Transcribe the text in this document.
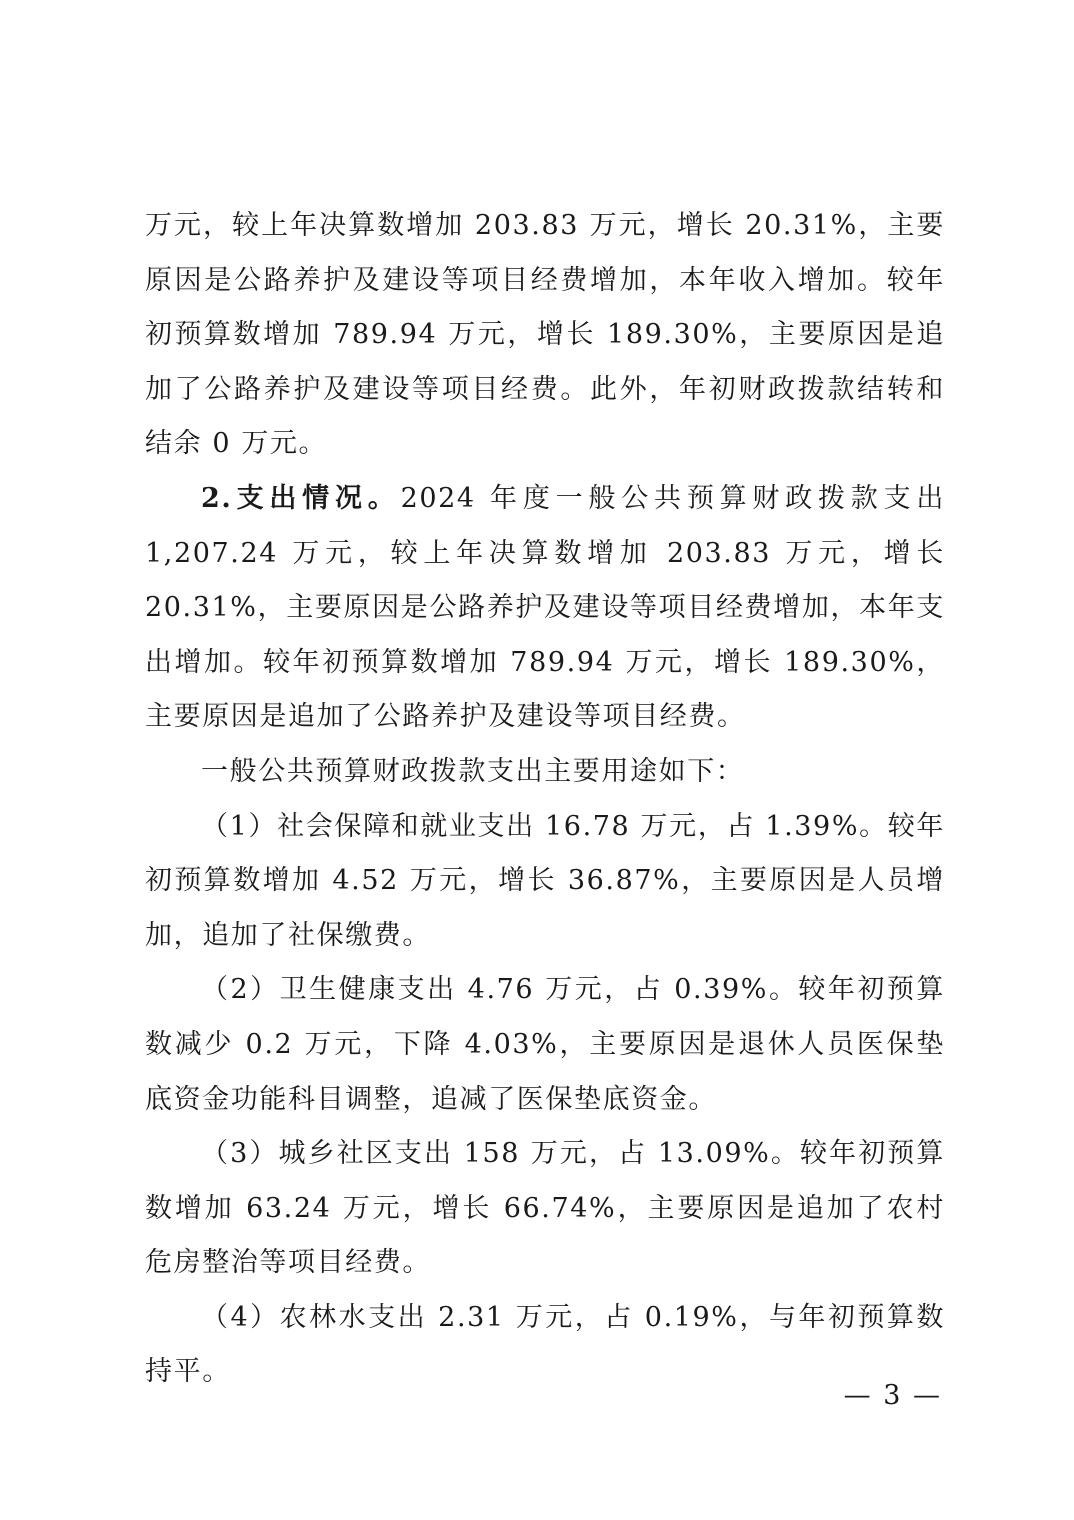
万元，较上年决算数增加 203.83 万元，增长 20.31%，主要原因是公路养护及建设等项目经费增加，本年收入增加。较年初预算数增加 789.94 万元，增长 189.30%，主要原因是追加了公路养护及建设等项目经费。此外，年初财政拨款结转和结余 0 万元。

2.支出情况。2024 年度一般公共预算财政拨款支出 1,207.24 万元，较上年决算数增加 203.83 万元，增长 20.31%，主要原因是公路养护及建设等项目经费增加，本年支出增加。较年初预算数增加 789.94 万元，增长 189.30%，主要原因是追加了公路养护及建设等项目经费。

一般公共预算财政拨款支出主要用途如下：

（1）社会保障和就业支出 16.78 万元，占 1.39%。较年初预算数增加 4.52 万元，增长 36.87%，主要原因是人员增加，追加了社保缴费。

（2）卫生健康支出 4.76 万元，占 0.39%。较年初预算数减少 0.2 万元，下降 4.03%，主要原因是退休人员医保垫底资金功能科目调整，追减了医保垫底资金。

（3）城乡社区支出 158 万元，占 13.09%。较年初预算数增加 63.24 万元，增长 66.74%，主要原因是追加了农村危房整治等项目经费。

（4）农林水支出 2.31 万元，占 0.19%，与年初预算数持平。

— 3 —
